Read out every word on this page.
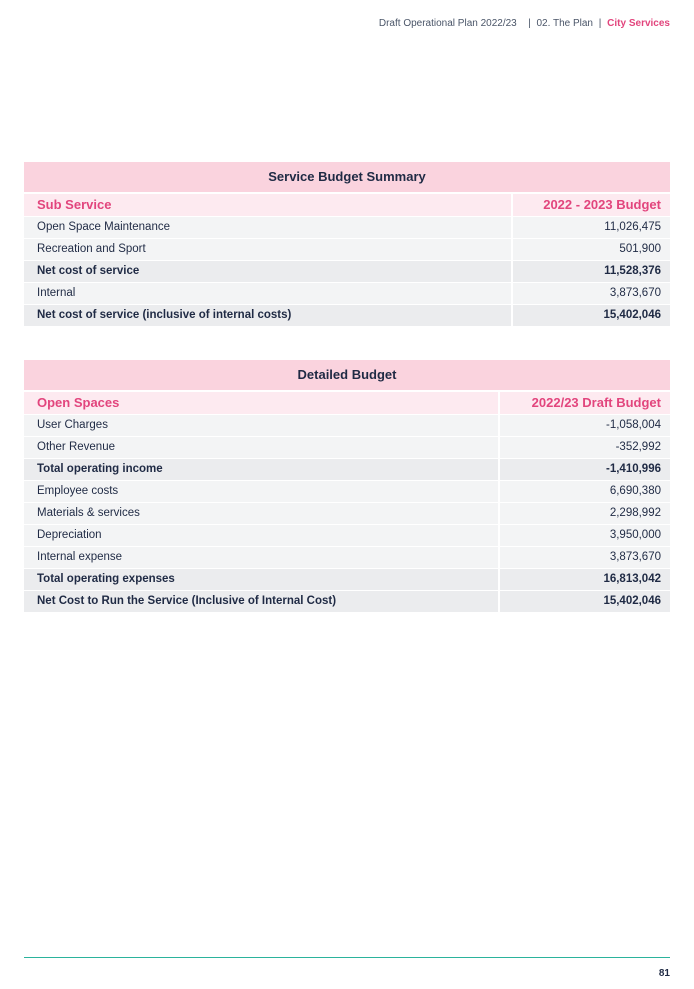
Draft Operational Plan 2022/23   | 02. The Plan | City Services
Service Budget Summary
Sub Service	2022 - 2023 Budget
Open Space Maintenance	11,026,475
Recreation and Sport	501,900
Net cost of service	11,528,376
Internal	3,873,670
Net cost of service (inclusive of internal costs)	15,402,046
Detailed Budget
Open Spaces	2022/23 Draft Budget
User Charges	-1,058,004
Other Revenue	-352,992
Total operating income	-1,410,996
Employee costs	6,690,380
Materials & services	2,298,992
Depreciation	3,950,000
Internal expense	3,873,670
Total operating expenses	16,813,042
Net Cost to Run the Service (Inclusive of Internal Cost)	15,402,046
81
